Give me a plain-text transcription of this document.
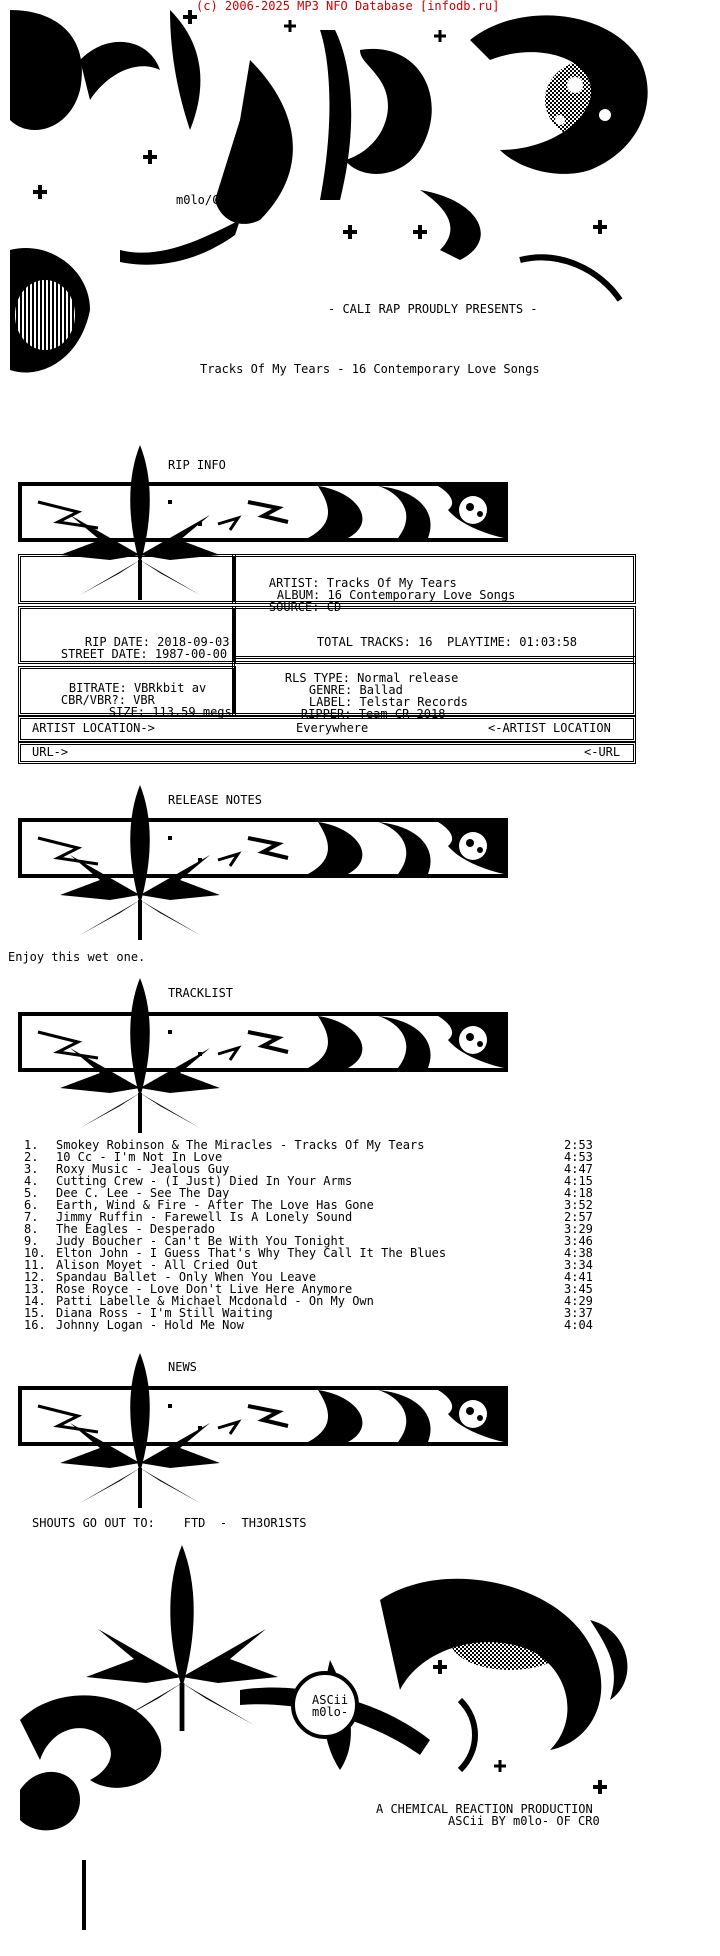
(c) 2006-2025 MP3 NFO Database [infodb.ru]
m0lo/CR0
- CALI RAP PROUDLY PRESENTS -
Tracks Of My Tears - 16 Contemporary Love Songs
RIP INFO

ARTIST: Tracks Of My Tears

ALBUM: 16 Contemporary Love Songs

SOURCE: CD

RIP DATE: 2018-09-03

STREET DATE: 1987-00-00

TOTAL TRACKS: 16 PLAYTIME: 01:03:58

BITRATE: VBRkbit av

CBR/VBR?: VBR

SIZE: 113.59 megs

RLS TYPE: Normal release

GENRE: Ballad

LABEL: Telstar Records

RIPPER: Team CR 2018

ARTIST LOCATION->	Everywhere	<-ARTIST LOCATION
URL->	<-URL
RELEASE NOTES
Enjoy this wet one.
TRACKLIST
1. Smokey Robinson & The Miracles - Tracks Of My Tears	2:53
2. 10 Cc - I'm Not In Love	4:53
3. Roxy Music - Jealous Guy	4:47
4. Cutting Crew - (I Just) Died In Your Arms	4:15
5. Dee C. Lee - See The Day	4:18
6. Earth, Wind & Fire - After The Love Has Gone	3:52
7. Jimmy Ruffin - Farewell Is A Lonely Sound	2:57
8. The Eagles - Desperado	3:29
9. Judy Boucher - Can't Be With You Tonight	3:46
10. Elton John - I Guess That's Why They Call It The Blues	4:38
11. Alison Moyet - All Cried Out	3:34
12. Spandau Ballet - Only When You Leave	4:41
13. Rose Royce - Love Don't Live Here Anymore	3:45
14. Patti Labelle & Michael Mcdonald - On My Own	4:29
15. Diana Ross - I'm Still Waiting	3:37
16. Johnny Logan - Hold Me Now	4:04
NEWS
SHOUTS GO OUT TO:    FTD  -  TH3OR1STS
ASCii
m0lo-
A CHEMICAL REACTION PRODUCTION
ASCii BY m0lo- OF CR0
